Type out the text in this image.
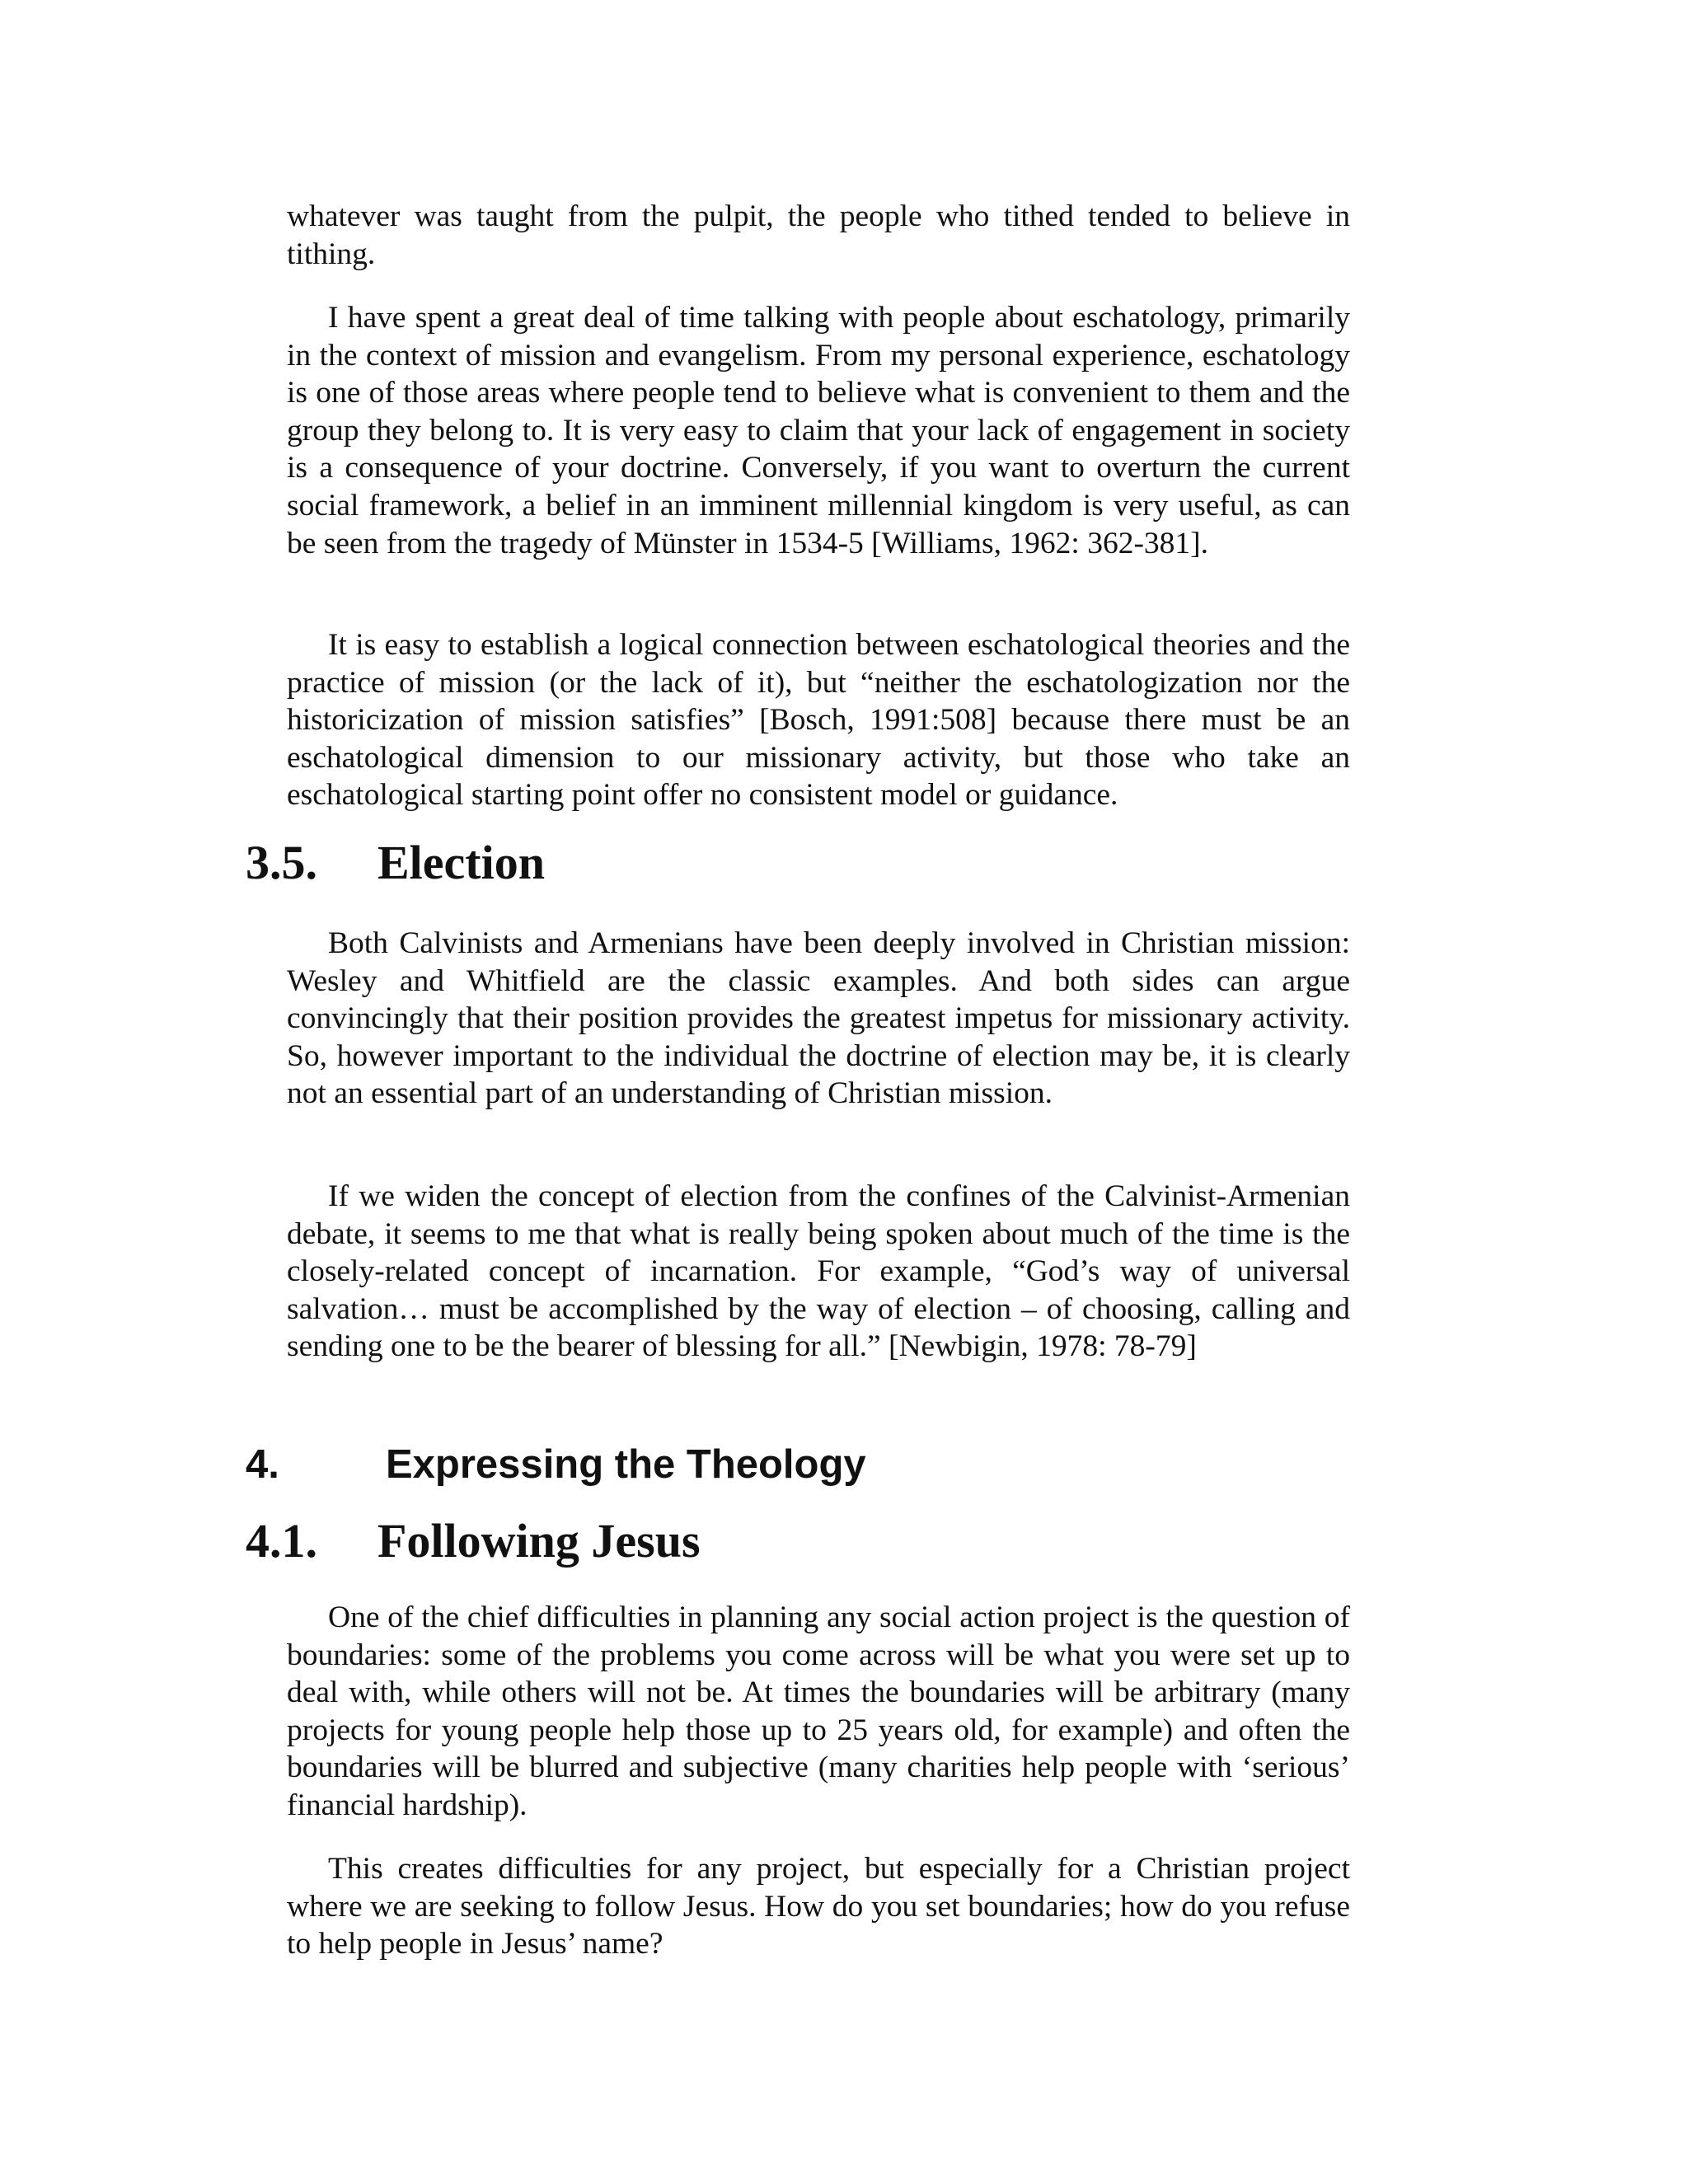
whatever was taught from the pulpit, the people who tithed tended to believe in tithing.

I have spent a great deal of time talking with people about eschatology, primarily in the context of mission and evangelism. From my personal experience, eschatology is one of those areas where people tend to believe what is convenient to them and the group they belong to. It is very easy to claim that your lack of engagement in society is a consequence of your doctrine. Conversely, if you want to overturn the current social framework, a belief in an imminent millennial kingdom is very useful, as can be seen from the tragedy of Münster in 1534-5 [Williams, 1962: 362-381].

It is easy to establish a logical connection between eschatological theories and the practice of mission (or the lack of it), but “neither the eschatologization nor the historicization of mission satisfies” [Bosch, 1991:508] because there must be an eschatological dimension to our missionary activity, but those who take an eschatological starting point offer no consistent model or guidance.

3.5.	Election

Both Calvinists and Armenians have been deeply involved in Christian mission: Wesley and Whitfield are the classic examples. And both sides can argue convincingly that their position provides the greatest impetus for missionary activity. So, however important to the individual the doctrine of election may be, it is clearly not an essential part of an understanding of Christian mission.

If we widen the concept of election from the confines of the Calvinist-Armenian debate, it seems to me that what is really being spoken about much of the time is the closely-related concept of incarnation. For example, “God’s way of universal salvation… must be accomplished by the way of election – of choosing, calling and sending one to be the bearer of blessing for all.” [Newbigin, 1978: 78-79]

4.	Expressing the Theology
4.1.	Following Jesus

One of the chief difficulties in planning any social action project is the question of boundaries: some of the problems you come across will be what you were set up to deal with, while others will not be. At times the boundaries will be arbitrary (many projects for young people help those up to 25 years old, for example) and often the boundaries will be blurred and subjective (many charities help people with ‘serious’ financial hardship).

This creates difficulties for any project, but especially for a Christian project where we are seeking to follow Jesus. How do you set boundaries; how do you refuse to help people in Jesus’ name?
